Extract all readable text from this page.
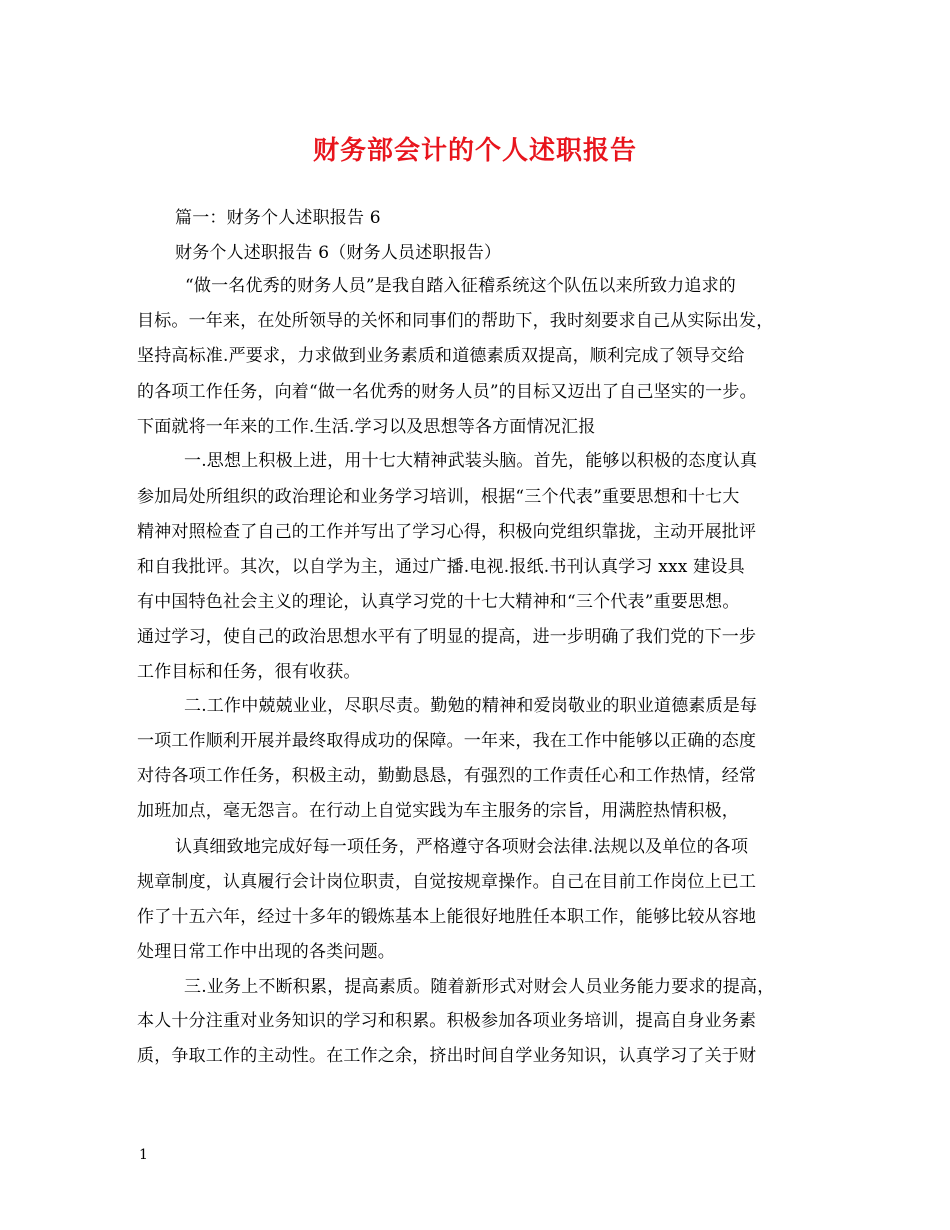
财务部会计的个人述职报告
篇一：财务个人述职报告 6
财务个人述职报告 6（财务人员述职报告）
“做一名优秀的财务人员”是我自踏入征稽系统这个队伍以来所致力追求的
目标。一年来，在处所领导的关怀和同事们的帮助下，我时刻要求自己从实际出发，
坚持高标准.严要求，力求做到业务素质和道德素质双提高，顺利完成了领导交给
的各项工作任务，向着“做一名优秀的财务人员”的目标又迈出了自己坚实的一步。
下面就将一年来的工作.生活.学习以及思想等各方面情况汇报
一.思想上积极上进，用十七大精神武装头脑。首先，能够以积极的态度认真
参加局处所组织的政治理论和业务学习培训，根据“三个代表”重要思想和十七大
精神对照检查了自己的工作并写出了学习心得，积极向党组织靠拢，主动开展批评
和自我批评。其次，以自学为主，通过广播.电视.报纸.书刊认真学习 xxx 建设具
有中国特色社会主义的理论，认真学习党的十七大精神和“三个代表”重要思想。
通过学习，使自己的政治思想水平有了明显的提高，进一步明确了我们党的下一步
工作目标和任务，很有收获。
二.工作中兢兢业业，尽职尽责。勤勉的精神和爱岗敬业的职业道德素质是每
一项工作顺利开展并最终取得成功的保障。一年来，我在工作中能够以正确的态度
对待各项工作任务，积极主动，勤勤恳恳，有强烈的工作责任心和工作热情，经常
加班加点，毫无怨言。在行动上自觉实践为车主服务的宗旨，用满腔热情积极，
认真细致地完成好每一项任务，严格遵守各项财会法律.法规以及单位的各项
规章制度，认真履行会计岗位职责，自觉按规章操作。自己在目前工作岗位上已工
作了十五六年，经过十多年的锻炼基本上能很好地胜任本职工作，能够比较从容地
处理日常工作中出现的各类问题。
三.业务上不断积累，提高素质。随着新形式对财会人员业务能力要求的提高，
本人十分注重对业务知识的学习和积累。积极参加各项业务培训，提高自身业务素
质，争取工作的主动性。在工作之余，挤出时间自学业务知识，认真学习了关于财
1
